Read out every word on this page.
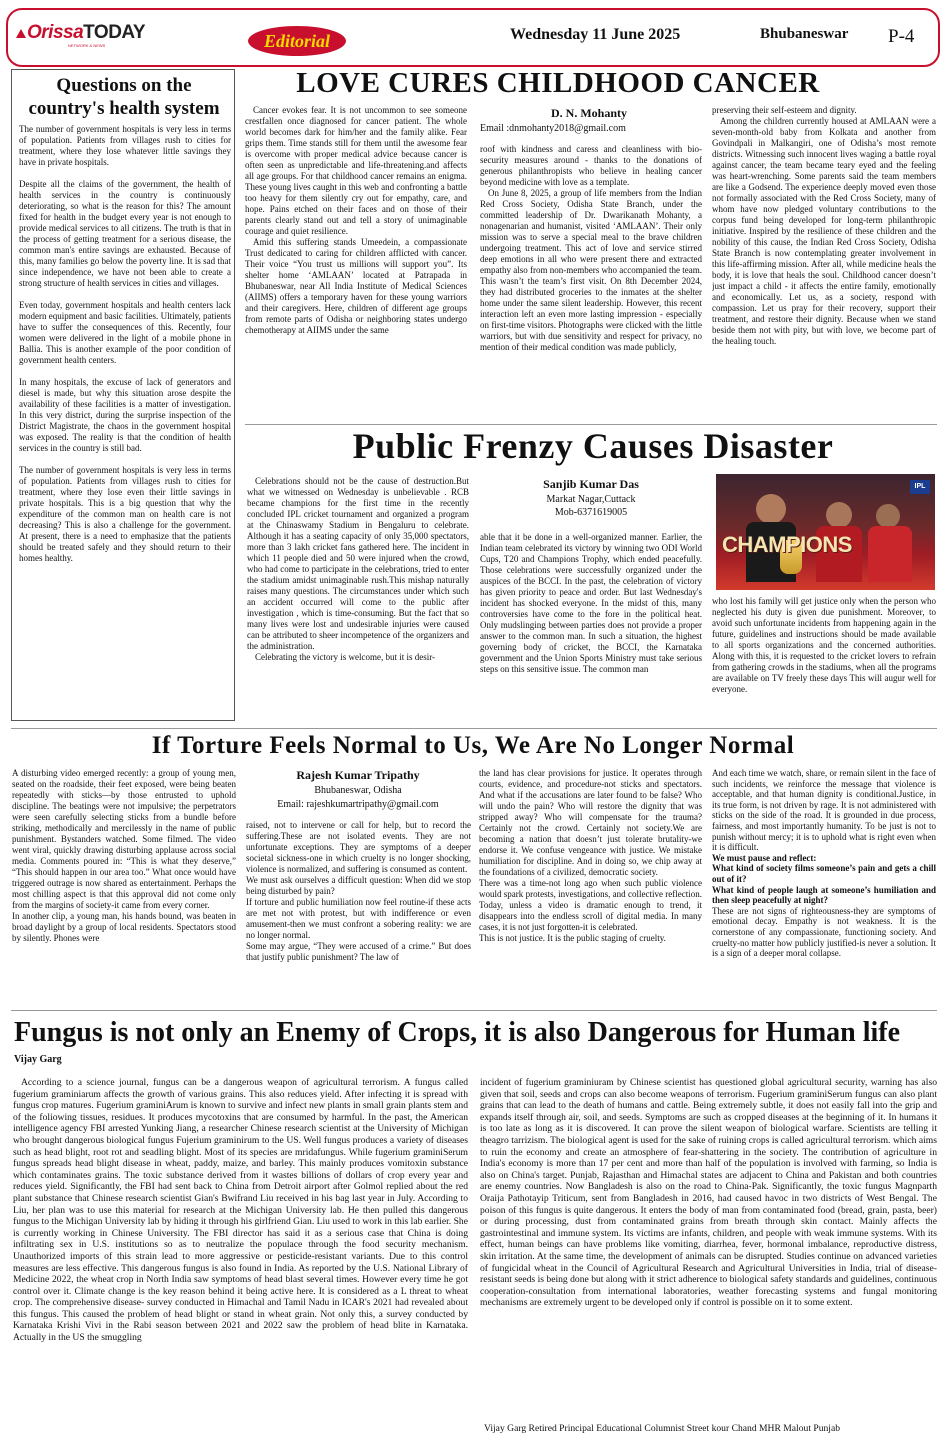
OrissaTODAY
NETWORK & NEWS	Editorial	Wednesday 11 June 2025	Bhubaneswar P-4
Questions on the country's health system

The number of government hospitals is very less in terms of population. Patients from villages rush to cities for treatment, where they lose whatever little savings they have in private hospitals.

Despite all the claims of the government, the health of health services in the country is continuously deteriorating, so what is the reason for this? The amount fixed for health in the budget every year is not enough to provide medical services to all citizens. The truth is that in the process of getting treatment for a serious disease, the common man's entire savings are exhausted. Because of this, many families go below the poverty line. It is sad that since independence, we have not been able to create a strong structure of health services in cities and villages.

Even today, government hospitals and health centers lack modern equipment and basic facilities. Ultimately, patients have to suffer the consequences of this. Recently, four women were delivered in the light of a mobile phone in Ballia. This is another example of the poor condition of government health centers.

In many hospitals, the excuse of lack of generators and diesel is made, but why this situation arose despite the availability of these facilities is a matter of investigation. In this very district, during the surprise inspection of the District Magistrate, the chaos in the government hospital was exposed. The reality is that the condition of health services in the country is still bad.

The number of government hospitals is very less in terms of population. Patients from villages rush to cities for treatment, where they lose even their little savings in private hospitals. This is a big question that why the expenditure of the common man on health care is not decreasing? This is also a challenge for the government. At present, there is a need to emphasize that the patients should be treated safely and they should return to their homes healthy.

LOVE CURES CHILDHOOD CANCER

Cancer evokes fear. It is not uncommon to see someone crestfallen once diagnosed for cancer patient. The whole world becomes dark for him/her and the family alike. Fear grips them. Time stands still for them until the awesome fear is overcome with proper medical advice because cancer is often seen as unpredictable and life-threatening.and affects all age groups. For that childhood cancer remains an enigma. These young lives caught in this web and confronting a battle too heavy for them silently cry out for empathy, care, and hope. Pains etched on their faces and on those of their parents clearly stand out and tell a story of unimaginable courage and quiet resilience.

Amid this suffering stands Umeedein, a compassionate Trust dedicated to caring for children afflicted with cancer. Their voice “You trust us millions will support you”. Its shelter home ‘AMLAAN’ located at Patrapada in Bhubaneswar, near All India Institute of Medical Sciences (AIIMS) offers a temporary haven for these young warriors and their caregivers. Here, children of different age groups from remote parts of Odisha or neighboring states undergo chemotherapy at AIIMS under the same

D. N. Mohanty
Email :dnmohanty2018@gmail.com

roof with kindness and caress and cleanliness with bio-security measures around - thanks to the donations of generous philanthropists who believe in healing cancer beyond medicine with love as a template.

On June 8, 2025, a group of life members from the Indian Red Cross Society, Odisha State Branch, under the committed leadership of Dr. Dwarikanath Mohanty, a nonagenarian and humanist, visited ‘AMLAAN’. Their only mission was to serve a special meal to the brave children undergoing treatment. This act of love and service stirred deep emotions in all who were present there and extracted empathy also from non-members who accompanied the team. This wasn’t the team’s first visit. On 8th December 2024, they had distributed groceries to the inmates at the shelter home under the same silent leadership. However, this recent interaction left an even more lasting impression - especially on first-time visitors. Photographs were clicked with the little warriors, but with due sensitivity and respect for privacy, no mention of their medical condition was made publicly,

preserving their self-esteem and dignity.

Among the children currently housed at AMLAAN were a seven-month-old baby from Kolkata and another from Govindpali in Malkangiri, one of Odisha’s most remote districts. Witnessing such innocent lives waging a battle royal against cancer, the team became teary eyed and the feeling was heart-wrenching. Some parents said the team members are like a Godsend. The experience deeply moved even those not formally associated with the Red Cross Society, many of whom have now pledged voluntary contributions to the corpus fund being developed for long-term philanthropic initiative. Inspired by the resilience of these children and the nobility of this cause, the Indian Red Cross Society, Odisha State Branch is now contemplating greater involvement in this life-affirming mission. After all, while medicine heals the body, it is love that heals the soul. Childhood cancer doesn’t just impact a child - it affects the entire family, emotionally and economically. Let us, as a society, respond with compassion. Let us pray for their recovery, support their treatment, and restore their dignity. Because when we stand beside them not with pity, but with love, we become part of the healing touch.

Public Frenzy Causes Disaster

Celebrations should not be the cause of destruction.But what we witnessed on Wednesday is unbelievable . RCB became champions for the first time in the recently concluded IPL cricket tournament and organized a program at the Chinaswamy Stadium in Bengaluru to celebrate. Although it has a seating capacity of only 35,000 spectators, more than 3 lakh cricket fans gathered here. The incident in which 11 people died and 50 were injured when the crowd, who had come to participate in the celebrations, tried to enter the stadium amidst unimaginable rush.This mishap naturally raises many questions. The circumstances under which such an accident occurred will come to the public after investigation , which is time-consuming. But the fact that so many lives were lost and undesirable injuries were caused can be attributed to sheer incompetence of the organizers and the administration.

Celebrating the victory is welcome, but it is desir-

Sanjib Kumar Das
Markat Nagar,Cuttack
Mob-6371619005

able that it be done in a well-organized manner. Earlier, the Indian team celebrated its victory by winning two ODI World Cups, T20 and Champions Trophy, which ended peacefully. Those celebrations were successfully organized under the auspices of the BCCI. In the past, the celebration of victory has given priority to peace and order. But last Wednesday's incident has shocked everyone. In the midst of this, many controversies have come to the fore in the political heat. Only mudslinging between parties does not provide a proper answer to the common man. In such a situation, the highest governing body of cricket, the BCCI, the Karnataka government and the Union Sports Ministry must take serious steps on this sensitive issue. The common man

IPL
CHAMPIONS

who lost his family will get justice only when the person who neglected his duty is given due punishment. Moreover, to avoid such unfortunate incidents from happening again in the future, guidelines and instructions should be made available to all sports organizations and the concerned authorities. Along with this, it is requested to the cricket lovers to refrain from gathering crowds in the stadiums, when all the programs are available on TV freely these days This will augur well for everyone.

If Torture Feels Normal to Us, We Are No Longer Normal

A disturbing video emerged recently: a group of young men, seated on the roadside, their feet exposed, were being beaten repeatedly with sticks—by those entrusted to uphold discipline. The beatings were not impulsive; the perpetrators were seen carefully selecting sticks from a bundle before striking, methodically and mercilessly in the name of public punishment. Bystanders watched. Some filmed. The video went viral, quickly drawing disturbing applause across social media. Comments poured in: “This is what they deserve,” “This should happen in our area too.” What once would have triggered outrage is now shared as entertainment. Perhaps the most chilling aspect is that this approval did not come only from the margins of society-it came from every corner.

In another clip, a young man, his hands bound, was beaten in broad daylight by a group of local residents. Spectators stood by silently. Phones were

Rajesh Kumar Tripathy
Bhubaneswar, Odisha
Email: rajeshkumartripathy@gmail.com

raised, not to intervene or call for help, but to record the suffering.These are not isolated events. They are not unfortunate exceptions. They are symptoms of a deeper societal sickness-one in which cruelty is no longer shocking, violence is normalized, and suffering is consumed as content.

We must ask ourselves a difficult question: When did we stop being disturbed by pain?

If torture and public humiliation now feel routine-if these acts are met not with protest, but with indifference or even amusement-then we must confront a sobering reality: we are no longer normal.

Some may argue, “They were accused of a crime.” But does that justify public punishment? The law of

the land has clear provisions for justice. It operates through courts, evidence, and procedure-not sticks and spectators. And what if the accusations are later found to be false? Who will undo the pain? Who will restore the dignity that was stripped away? Who will compensate for the trauma? Certainly not the crowd. Certainly not society.We are becoming a nation that doesn’t just tolerate brutality-we endorse it. We confuse vengeance with justice. We mistake humiliation for discipline. And in doing so, we chip away at the foundations of a civilized, democratic society.

There was a time-not long ago when such public violence would spark protests, investigations, and collective reflection. Today, unless a video is dramatic enough to trend, it disappears into the endless scroll of digital media. In many cases, it is not just forgotten-it is celebrated.

This is not justice. It is the public staging of cruelty.

And each time we watch, share, or remain silent in the face of such incidents, we reinforce the message that violence is acceptable, and that human dignity is conditional.Justice, in its true form, is not driven by rage. It is not administered with sticks on the side of the road. It is grounded in due process, fairness, and most importantly humanity. To be just is not to punish without mercy; it is to uphold what is right even when it is difficult.

We must pause and reflect:

What kind of society films someone’s pain and gets a chill out of it?

What kind of people laugh at someone’s humiliation and then sleep peacefully at night?

These are not signs of righteousness-they are symptoms of emotional decay. Empathy is not weakness. It is the cornerstone of any compassionate, functioning society. And cruelty-no matter how publicly justified-is never a solution. It is a sign of a deeper moral collapse.

Fungus is not only an Enemy of Crops, it is also Dangerous for Human life
Vijay Garg

According to a science journal, fungus can be a dangerous weapon of agricultural terrorism. A fungus called fugerium graminiarum affects the growth of various grains. This also reduces yield. After infecting it is spread with fungus crop matures. Fugerium graminiArum is known to survive and infect new plants in small grain plants stem and of the foliowing tissues, residues. It produces mycotoxins that are consumed by harmful. In the past, the American intelligence agency FBI arrested Yunking Jiang, a researcher Chinese research scientist at the University of Michigan who brought dangerous biological fungus Fujerium graminirum to the US. Well fungus produces a variety of diseases such as head blight, root rot and seadling blight. Most of its species are mridafungus. While fugerium graminiSerum fungus spreads head blight disease in wheat, paddy, maize, and barley. This mainly produces vomitoxin substance which contaminates grains. The toxic substance derived from it wastes billions of dollars of crop every year and reduces yield. Significantly, the FBI had sent back to China from Detroit airport after Golmol replied about the red plant substance that Chinese research scientist Gian's Bwifrand Liu received in his bag last year in July. According to Liu, her plan was to use this material for research at the Michigan University lab. He then pulled this dangerous fungus to the Michigan University lab by hiding it through his girlfriend Gian. Liu used to work in this lab earlier. She is currently working in Chinese University. The FBI director has said it as a serious case that China is doing infiltrating sex in U.S. institutions so as to neutralize the populace through the food security mechanism. Unauthorized imports of this strain lead to more aggressive or pesticide-resistant variants. Due to this control measures are less effective. This dangerous fungus is also found in India. As reported by the U.S. National Library of Medicine 2022, the wheat crop in North India saw symptoms of head blast several times. However every time he got control over it. Climate change is the key reason behind it being active here. It is considered as a L threat to wheat crop. The comprehensive disease- survey conducted in Himachal and Tamil Nadu in ICAR's 2021 had revealed about this fungus. This caused the problem of head blight or stand in wheat grain. Not only this, a survey conducted by Karnataka Krishi Vivi in the Rabi season between 2021 and 2022 saw the problem of head blite in Karnataka. Actually in the US the smuggling

incident of fugerium graminiuram by Chinese scientist has questioned global agricultural security, warning has also given that soil, seeds and crops can also become weapons of terrorism. Fugerium graminiSerum fungus can also plant grains that can lead to the death of humans and cattle. Being extremely subtle, it does not easily fall into the grip and expands itself through air, soil, and seeds. Symptoms are such as cropped diseases at the beginning of it. In humans it is too late as long as it is discovered. It can prove the silent weapon of biological warfare. Scientists are telling it theagro tarrizism. The biological agent is used for the sake of ruining crops is called agricultural terrorism. which aims to ruin the economy and create an atmosphere of fear-shattering in the society. The contribution of agriculture in India's economy is more than 17 per cent and more than half of the population is involved with farming, so India is also on China's target. Punjab, Rajasthan and Himachal states are adjacent to China and Pakistan and both countries are enemy countries. Now Bangladesh is also on the road to China-Pak. Significantly, the toxic fungus Magnparth Oraija Pathotayip Triticum, sent from Bangladesh in 2016, had caused havoc in two districts of West Bengal. The poison of this fungus is quite dangerous. It enters the body of man from contaminated food (bread, grain, pasta, beer) or during processing, dust from contaminated grains from breath through skin contact. Mainly affects the gastrointestinal and immune system. Its victims are infants, children, and people with weak immune systems. With its effect, human beings can have problems like vomiting, diarrhea, fever, hormonal imbalance, reproductive distress, skin irritation. At the same time, the development of animals can be disrupted. Studies continue on advanced varieties of fungicidal wheat in the Council of Agricultural Research and Agricultural Universities in India, trial of disease-resistant seeds is being done but along with it strict adherence to biological safety standards and guidelines, continuous cooperation-consultation from international laboratories, weather forecasting systems and fungal monitoring mechanisms are extremely urgent to be developed only if control is possible on it to some extent.

Vijay Garg Retired Principal Educational Columnist Street kour Chand MHR Malout Punjab
